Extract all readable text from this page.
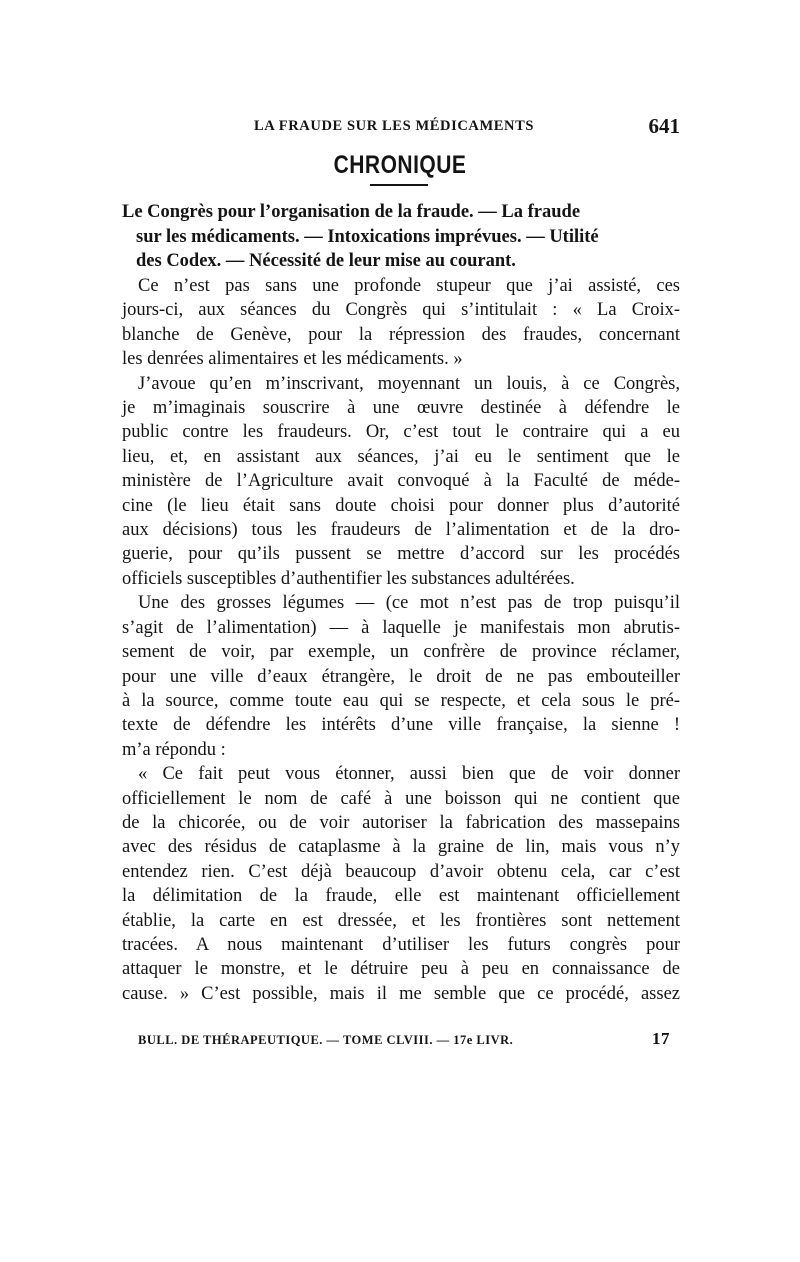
LA FRAUDE SUR LES MÉDICAMENTS	641
CHRONIQUE
Le Congrès pour l’organisation de la fraude. — La fraude
sur les médicaments. — Intoxications imprévues. — Utilité
des Codex. — Nécessité de leur mise au courant.
Ce n’est pas sans une profonde stupeur que j’ai assisté, ces
jours-ci, aux séances du Congrès qui s’intitulait : « La Croix-
blanche de Genève, pour la répression des fraudes, concernant
les denrées alimentaires et les médicaments. »
J’avoue qu’en m’inscrivant, moyennant un louis, à ce Congrès,
je m’imaginais souscrire à une œuvre destinée à défendre le
public contre les fraudeurs. Or, c’est tout le contraire qui a eu
lieu, et, en assistant aux séances, j’ai eu le sentiment que le
ministère de l’Agriculture avait convoqué à la Faculté de méde-
cine (le lieu était sans doute choisi pour donner plus d’autorité
aux décisions) tous les fraudeurs de l’alimentation et de la dro-
guerie, pour qu’ils pussent se mettre d’accord sur les procédés
officiels susceptibles d’authentifier les substances adultérées.
Une des grosses légumes — (ce mot n’est pas de trop puisqu’il
s’agit de l’alimentation) — à laquelle je manifestais mon abrutis-
sement de voir, par exemple, un confrère de province réclamer,
pour une ville d’eaux étrangère, le droit de ne pas embouteiller
à la source, comme toute eau qui se respecte, et cela sous le pré-
texte de défendre les intérêts d’une ville française, la sienne !
m’a répondu :
« Ce fait peut vous étonner, aussi bien que de voir donner
officiellement le nom de café à une boisson qui ne contient que
de la chicorée, ou de voir autoriser la fabrication des massepains
avec des résidus de cataplasme à la graine de lin, mais vous n’y
entendez rien. C’est déjà beaucoup d’avoir obtenu cela, car c’est
la délimitation de la fraude, elle est maintenant officiellement
établie, la carte en est dressée, et les frontières sont nettement
tracées. A nous maintenant d’utiliser les futurs congrès pour
attaquer le monstre, et le détruire peu à peu en connaissance de
cause. » C’est possible, mais il me semble que ce procédé, assez
BULL. DE THÉRAPEUTIQUE. — TOME CLVIII. — 17e LIVR.	17
